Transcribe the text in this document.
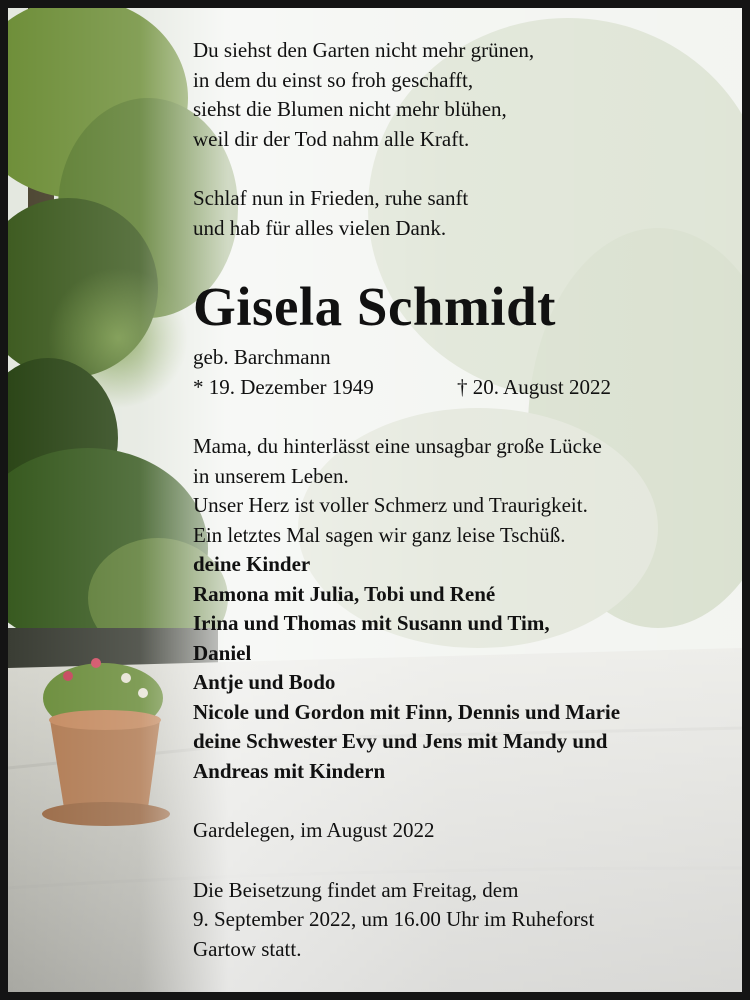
Du siehst den Garten nicht mehr grünen,

in dem du einst so froh geschafft,

siehst die Blumen nicht mehr blühen,

weil dir der Tod nahm alle Kraft.

Schlaf nun in Frieden, ruhe sanft

und hab für alles vielen Dank.

Gisela Schmidt

geb. Barchmann

* 19. Dezember 1949	† 20. August 2022

Mama, du hinterlässt eine unsagbar große Lücke

in unserem Leben.

Unser Herz ist voller Schmerz und Traurigkeit.

Ein letztes Mal sagen wir ganz leise Tschüß.

deine Kinder

Ramona mit Julia, Tobi und René

Irina und Thomas mit Susann und Tim,

Daniel

Antje und Bodo

Nicole und Gordon mit Finn, Dennis und Marie

deine Schwester Evy und Jens mit Mandy und

Andreas mit Kindern

Gardelegen, im August 2022

Die Beisetzung findet am Freitag, dem

9. September 2022, um 16.00 Uhr im Ruheforst

Gartow statt.
